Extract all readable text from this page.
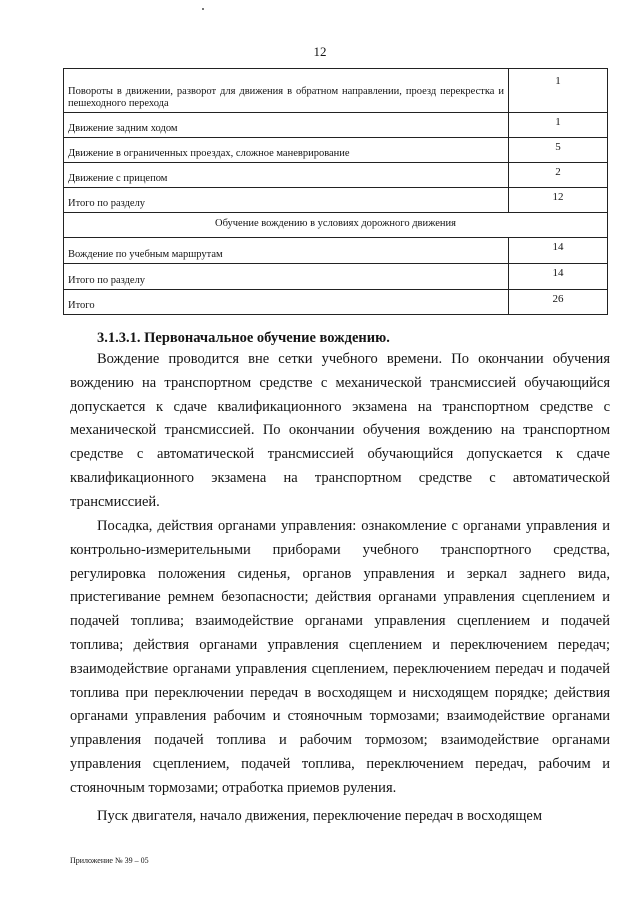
12
Повороты в движении, разворот для движения в обратном направлении, проезд перекрестка и пешеходного перехода
1
Движение задним ходом
1
Движение в ограниченных проездах, сложное маневрирование
5
Движение с прицепом
2
Итого по разделу
12
Обучение вождению в условиях дорожного движения
Вождение по учебным маршрутам
14
Итого по разделу
14
Итого
26
3.1.3.1. Первоначальное обучение вождению.

Вождение проводится вне сетки учебного времени. По окончании обучения вождению на транспортном средстве с механической трансмиссией обучающийся допускается к сдаче квалификационного экзамена на транспортном средстве с механической трансмиссией. По окончании обучения вождению на транспортном средстве с автоматической трансмиссией обучающийся допускается к сдаче квалификационного экзамена на транспортном средстве с автоматической трансмиссией.

Посадка, действия органами управления: ознакомление с органами управления и контрольно-измерительными приборами учебного транспортного средства, регулировка положения сиденья, органов управления и зеркал заднего вида, пристегивание ремнем безопасности; действия органами управления сцеплением и подачей топлива; взаимодействие органами управления сцеплением и подачей топлива; действия органами управления сцеплением и переключением передач; взаимодействие органами управления сцеплением, переключением передач и подачей топлива при переключении передач в восходящем и нисходящем порядке; действия органами управления рабочим и стояночным тормозами; взаимодействие органами управления подачей топлива и рабочим тормозом; взаимодействие органами управления сцеплением, подачей топлива, переключением передач, рабочим и стояночным тормозами; отработка приемов руления.

Пуск двигателя, начало движения, переключение передач в восходящем

Приложение № 39 – 05
